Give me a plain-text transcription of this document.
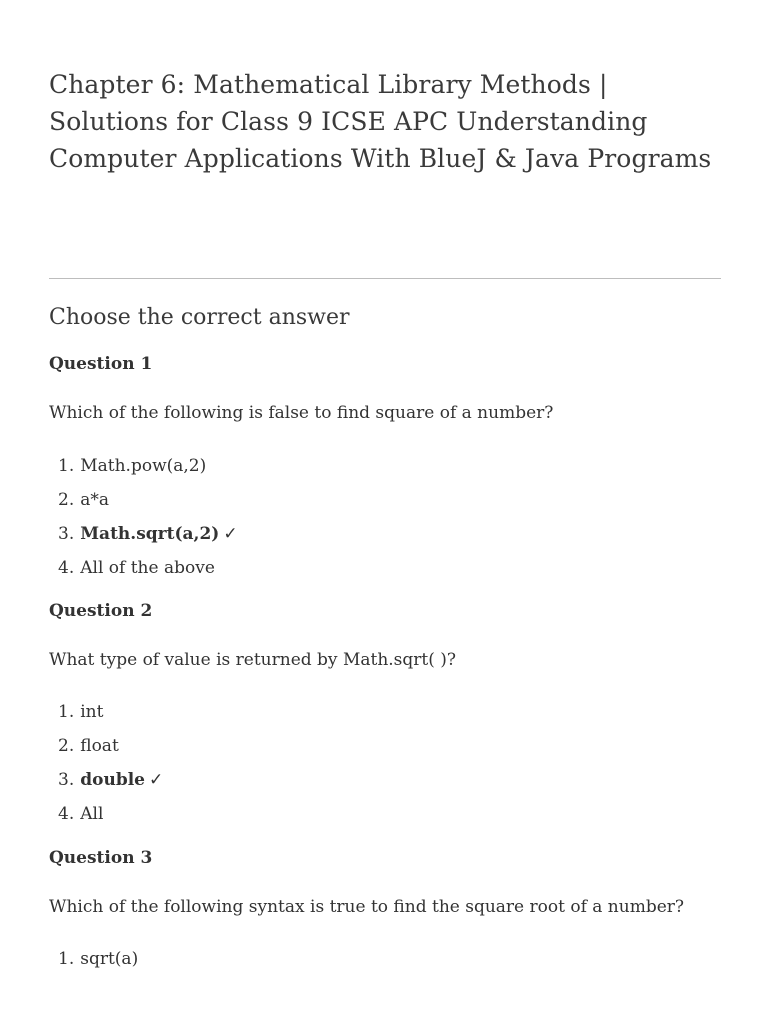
Chapter 6: Mathematical Library Methods | Solutions for Class 9 ICSE APC Understanding Computer Applications With BlueJ & Java Programs
Choose the correct answer
Question 1

Which of the following is false to find square of a number?

1. Math.pow(a,2)
2. a*a
3. Math.sqrt(a,2) ✓
4. All of the above
Question 2

What type of value is returned by Math.sqrt( )?

1. int
2. float
3. double ✓
4. All
Question 3

Which of the following syntax is true to find the square root of a number?

1. sqrt(a)
